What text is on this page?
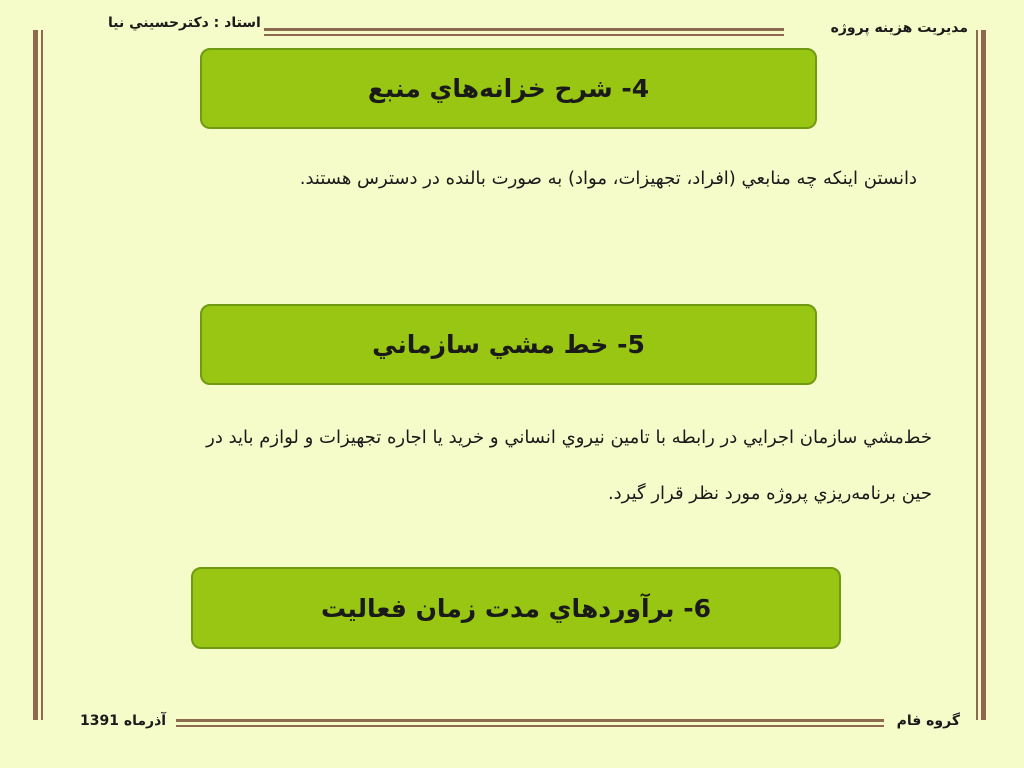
مديريت هزينه پروژه
استاد : دکترحسيني نيا
4- شرح خزانه‌هاي منبع
دانستن اينکه چه منابعي (افراد، تجهيزات، مواد) به صورت بالنده در دسترس هستند.
5- خط مشي سازماني
خط‌مشي سازمان اجرايي در رابطه با تامين نيروي انساني و خريد يا اجاره تجهيزات و لوازم بايد در
حين برنامه‌ريزي پروژه مورد نظر قرار گيرد.
6- برآوردهاي مدت زمان فعاليت
گروه فام
آذرماه 1391
